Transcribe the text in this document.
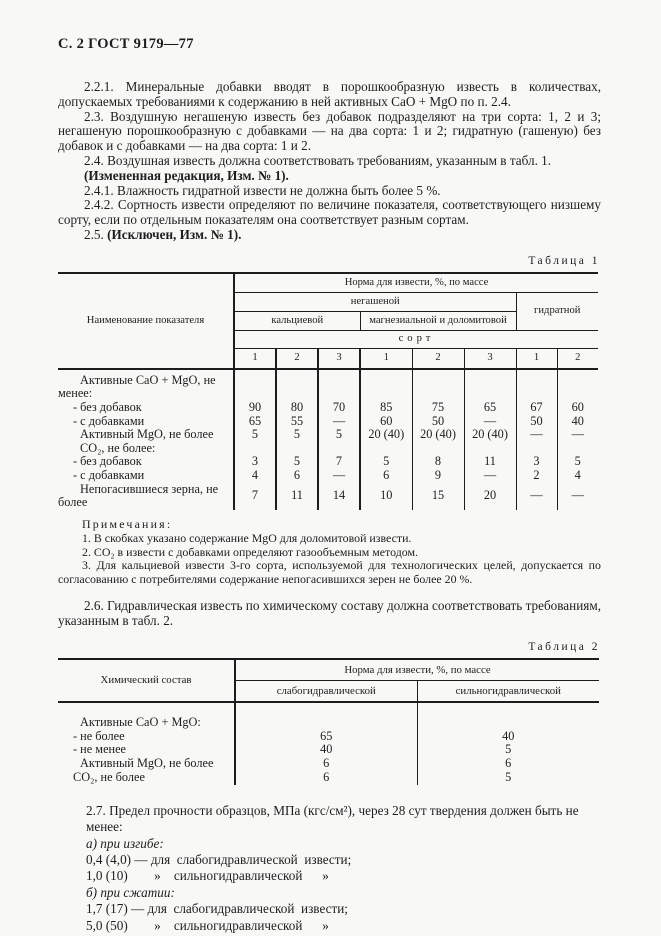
С. 2 ГОСТ 9179—77

2.2.1. Минеральные добавки вводят в порошкообразную известь в количествах, допускаемых требованиями к содержанию в ней активных CaO + MgO по п. 2.4.

2.3. Воздушную негашеную известь без добавок подразделяют на три сорта: 1, 2 и 3; негашеную порошкообразную с добавками — на два сорта: 1 и 2; гидратную (гашеную) без добавок и с добавками — на два сорта: 1 и 2.

2.4. Воздушная известь должна соответствовать требованиям, указанным в табл. 1.

(Измененная редакция, Изм. № 1).

2.4.1. Влажность гидратной извести не должна быть более 5 %.

2.4.2. Сортность извести определяют по величине показателя, соответствующего низшему сорту, если по отдельным показателям она соответствует разным сортам.

2.5. (Исключен, Изм. № 1).

Таблица 1
Наименование показателя	Норма для извести, %, по массе							
	негашеной						гидратной	
	кальциевой			магнезиальной и доломитовой				
	сорт							
	1	2	3	1	2	3	1	2
Активные CaO + MgO, не менее:								
- без добавок	90	80	70	85	75	65	67	60
- с добавками	65	55	—	60	50	—	50	40
Активный MgO, не более	5	5	5	20 (40)	20 (40)	20 (40)	—	—
CO₂, не более:								
- без добавок	3	5	7	5	8	11	3	5
- с добавками	4	6	—	6	9	—	2	4
Непогасившиеся зерна, не более	7	11	14	10	15	20	—	—
Примечания:
1. В скобках указано содержание MgO для доломитовой извести.
2. CO₂ в извести с добавками определяют газообъемным методом.
3. Для кальциевой извести 3-го сорта, используемой для технологических целей, допускается по согласованию с потребителями содержание непогасившихся зерен не более 20 %.

2.6. Гидравлическая известь по химическому составу должна соответствовать требованиям, указанным в табл. 2.

Таблица 2
Химический состав	Норма для извести, %, по массе	
	слабогидравлической	сильногидравлической
Активные CaO + MgO:		
- не более	65	40
- не менее	40	5
Активный MgO, не более	6	6
CO₂, не более	6	5
2.7. Предел прочности образцов, МПа (кгс/см²), через 28 сут твердения должен быть не менее:
а) при изгибе:
0,4 (4,0) — для  слабогидравлической  извести;
1,0 (10)        »    сильногидравлической      »
б) при сжатии:
1,7 (17) — для  слабогидравлической  извести;
5,0 (50)        »    сильногидравлической      »
